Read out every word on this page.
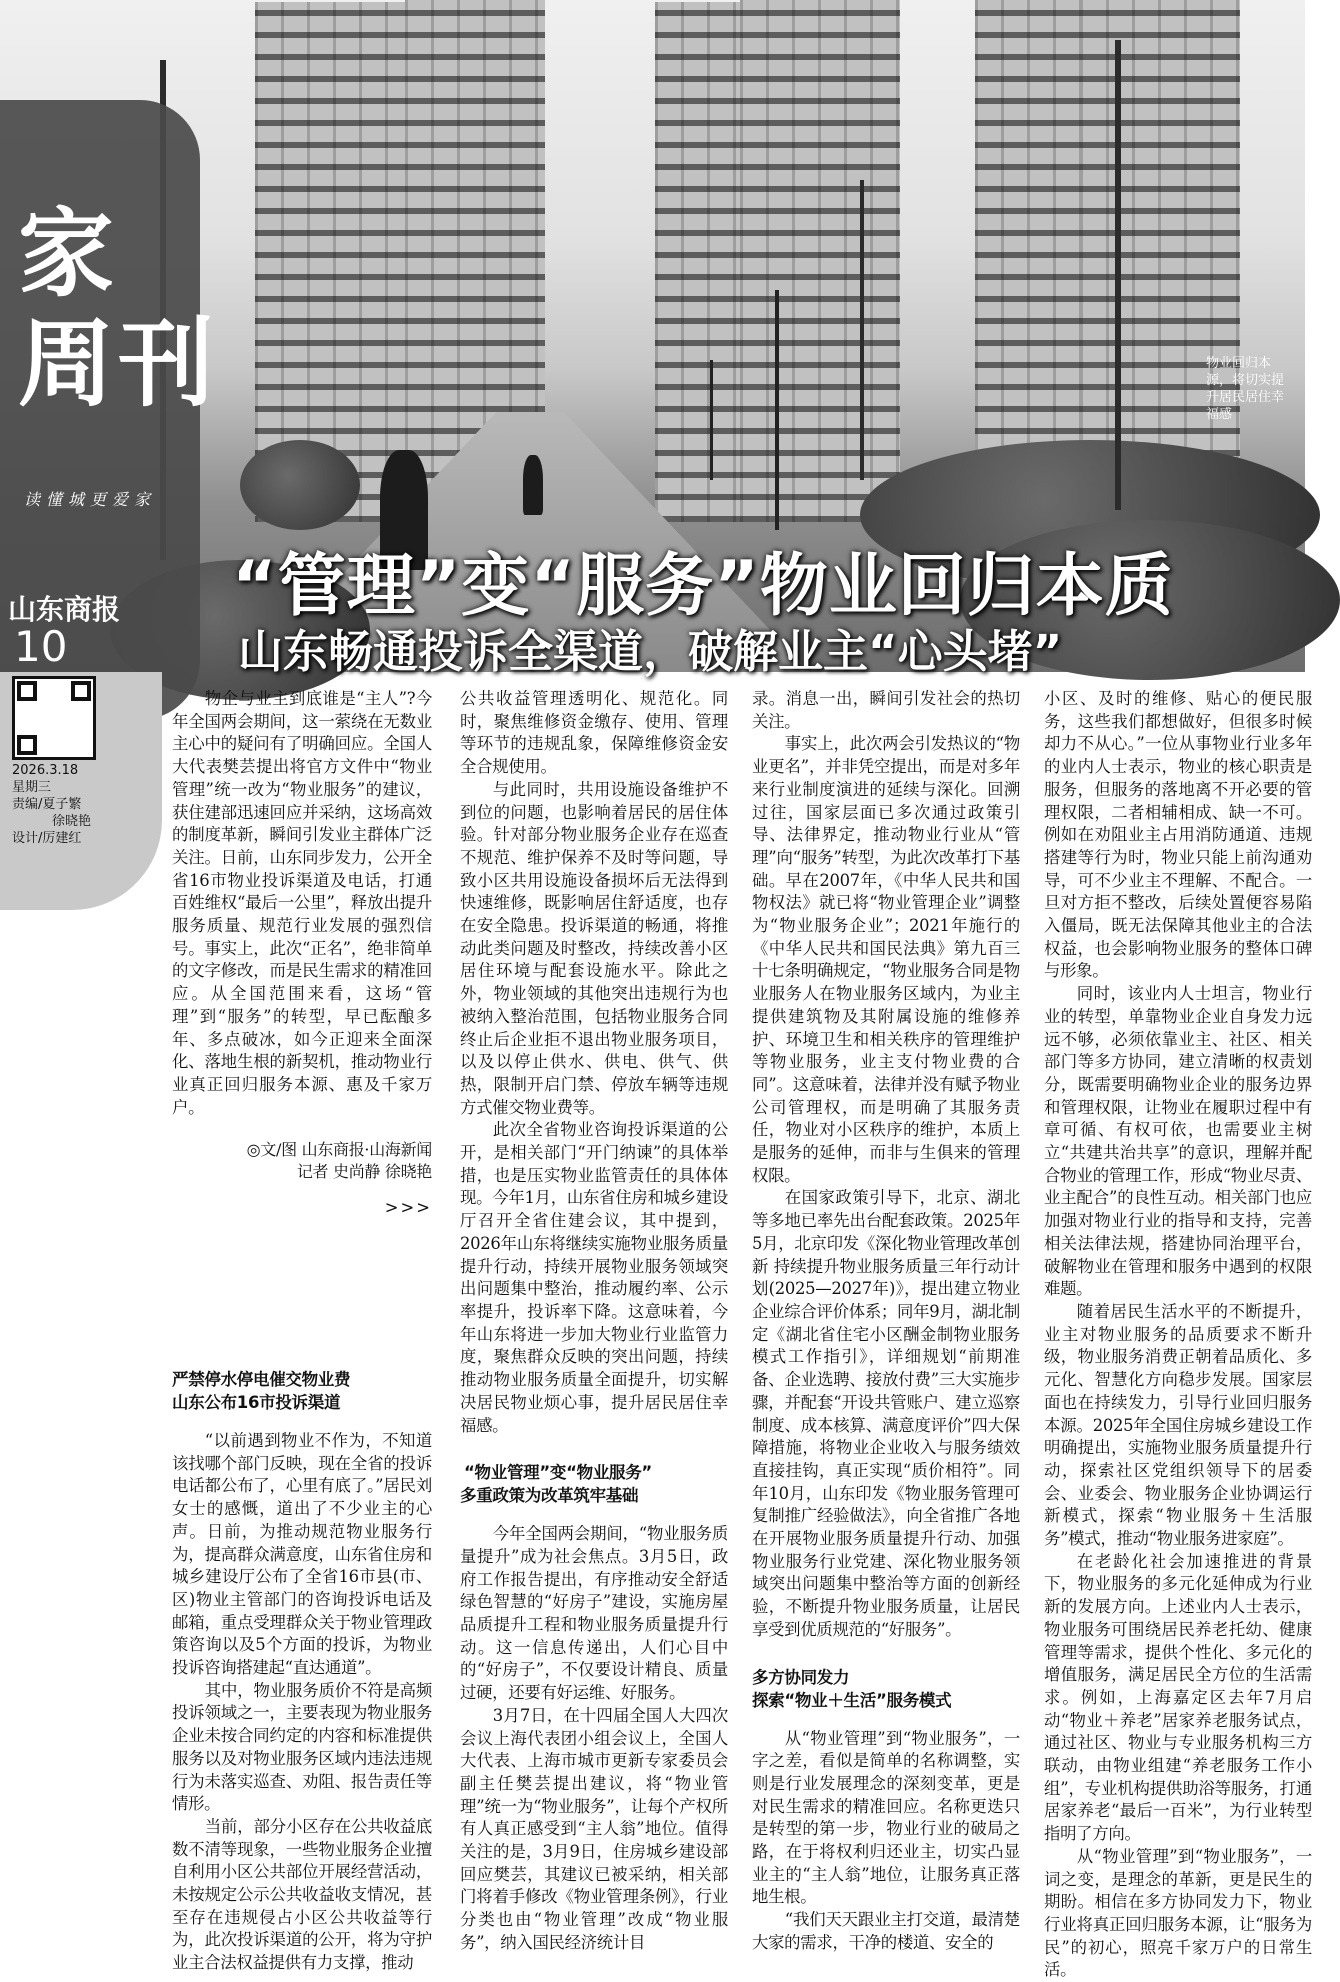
家
周刊
读懂城更爱家
山东商报
10
物业回归本源，将切实提升居民居住幸福感
“管理”变“服务”物业回归本质
山东畅通投诉全渠道，破解业主“心头堵”
2026.3.18
星期三
责编/夏子繁
徐晓艳
设计/厉建红

物企与业主到底谁是“主人”?今年全国两会期间，这一萦绕在无数业主心中的疑问有了明确回应。全国人大代表樊芸提出将官方文件中“物业管理”统一改为“物业服务”的建议，获住建部迅速回应并采纳，这场高效的制度革新，瞬间引发业主群体广泛关注。日前，山东同步发力，公开全省16市物业投诉渠道及电话，打通百姓维权“最后一公里”，释放出提升服务质量、规范行业发展的强烈信号。事实上，此次“正名”，绝非简单的文字修改，而是民生需求的精准回应。从全国范围来看，这场“管理”到“服务”的转型，早已酝酿多年、多点破冰，如今正迎来全面深化、落地生根的新契机，推动物业行业真正回归服务本源、惠及千家万户。

◎文/图 山东商报·山海新闻

记者 史尚静 徐晓艳

>>>

严禁停水停电催交物业费
山东公布16市投诉渠道

“以前遇到物业不作为，不知道该找哪个部门反映，现在全省的投诉电话都公布了，心里有底了。”居民刘女士的感慨，道出了不少业主的心声。日前，为推动规范物业服务行为，提高群众满意度，山东省住房和城乡建设厅公布了全省16市县(市、区)物业主管部门的咨询投诉电话及邮箱，重点受理群众关于物业管理政策咨询以及5个方面的投诉，为物业投诉咨询搭建起“直达通道”。

其中，物业服务质价不符是高频投诉领域之一，主要表现为物业服务企业未按合同约定的内容和标准提供服务以及对物业服务区域内违法违规行为未落实巡查、劝阻、报告责任等情形。

当前，部分小区存在公共收益底数不清等现象，一些物业服务企业擅自利用小区公共部位开展经营活动，未按规定公示公共收益收支情况，甚至存在违规侵占小区公共收益等行为，此次投诉渠道的公开，将为守护业主合法权益提供有力支撑，推动

公共收益管理透明化、规范化。同时，聚焦维修资金缴存、使用、管理等环节的违规乱象，保障维修资金安全合规使用。

与此同时，共用设施设备维护不到位的问题，也影响着居民的居住体验。针对部分物业服务企业存在巡查不规范、维护保养不及时等问题，导致小区共用设施设备损坏后无法得到快速维修，既影响居住舒适度，也存在安全隐患。投诉渠道的畅通，将推动此类问题及时整改，持续改善小区居住环境与配套设施水平。除此之外，物业领域的其他突出违规行为也被纳入整治范围，包括物业服务合同终止后企业拒不退出物业服务项目，以及以停止供水、供电、供气、供热，限制开启门禁、停放车辆等违规方式催交物业费等。

此次全省物业咨询投诉渠道的公开，是相关部门“开门纳谏”的具体举措，也是压实物业监管责任的具体体现。今年1月，山东省住房和城乡建设厅召开全省住建会议，其中提到，2026年山东将继续实施物业服务质量提升行动，持续开展物业服务领域突出问题集中整治，推动履约率、公示率提升，投诉率下降。这意味着，今年山东将进一步加大物业行业监管力度，聚焦群众反映的突出问题，持续推动物业服务质量全面提升，切实解决居民物业烦心事，提升居民居住幸福感。

“物业管理”变“物业服务”
多重政策为改革筑牢基础

今年全国两会期间，“物业服务质量提升”成为社会焦点。3月5日，政府工作报告提出，有序推动安全舒适绿色智慧的“好房子”建设，实施房屋品质提升工程和物业服务质量提升行动。这一信息传递出，人们心目中的“好房子”，不仅要设计精良、质量过硬，还要有好运维、好服务。

3月7日，在十四届全国人大四次会议上海代表团小组会议上，全国人大代表、上海市城市更新专家委员会副主任樊芸提出建议，将“物业管理”统一为“物业服务”，让每个产权所有人真正感受到“主人翁”地位。值得关注的是，3月9日，住房城乡建设部回应樊芸，其建议已被采纳，相关部门将着手修改《物业管理条例》，行业分类也由“物业管理”改成“物业服务”，纳入国民经济统计目

录。消息一出，瞬间引发社会的热切关注。

事实上，此次两会引发热议的“物业更名”，并非凭空提出，而是对多年来行业制度演进的延续与深化。回溯过往，国家层面已多次通过政策引导、法律界定，推动物业行业从“管理”向“服务”转型，为此次改革打下基础。早在2007年，《中华人民共和国物权法》就已将“物业管理企业”调整为“物业服务企业”；2021年施行的《中华人民共和国民法典》第九百三十七条明确规定，“物业服务合同是物业服务人在物业服务区域内，为业主提供建筑物及其附属设施的维修养护、环境卫生和相关秩序的管理维护等物业服务，业主支付物业费的合同”。这意味着，法律并没有赋予物业公司管理权，而是明确了其服务责任，物业对小区秩序的维护，本质上是服务的延伸，而非与生俱来的管理权限。

在国家政策引导下，北京、湖北等多地已率先出台配套政策。2025年5月，北京印发《深化物业管理改革创新 持续提升物业服务质量三年行动计划(2025—2027年)》，提出建立物业企业综合评价体系；同年9月，湖北制定《湖北省住宅小区酬金制物业服务模式工作指引》，详细规划“前期准备、企业选聘、接放付费”三大实施步骤，并配套“开设共管账户、建立巡察制度、成本核算、满意度评价”四大保障措施，将物业企业收入与服务绩效直接挂钩，真正实现“质价相符”。同年10月，山东印发《物业服务管理可复制推广经验做法》，向全省推广各地在开展物业服务质量提升行动、加强物业服务行业党建、深化物业服务领域突出问题集中整治等方面的创新经验，不断提升物业服务质量，让居民享受到优质规范的“好服务”。

多方协同发力
探索“物业＋生活”服务模式

从“物业管理”到“物业服务”，一字之差，看似是简单的名称调整，实则是行业发展理念的深刻变革，更是对民生需求的精准回应。名称更迭只是转型的第一步，物业行业的破局之路，在于将权利归还业主，切实凸显业主的“主人翁”地位，让服务真正落地生根。

“我们天天跟业主打交道，最清楚大家的需求，干净的楼道、安全的

小区、及时的维修、贴心的便民服务，这些我们都想做好，但很多时候却力不从心。”一位从事物业行业多年的业内人士表示，物业的核心职责是服务，但服务的落地离不开必要的管理权限，二者相辅相成、缺一不可。例如在劝阻业主占用消防通道、违规搭建等行为时，物业只能上前沟通劝导，可不少业主不理解、不配合。一旦对方拒不整改，后续处置便容易陷入僵局，既无法保障其他业主的合法权益，也会影响物业服务的整体口碑与形象。

同时，该业内人士坦言，物业行业的转型，单靠物业企业自身发力远远不够，必须依靠业主、社区、相关部门等多方协同，建立清晰的权责划分，既需要明确物业企业的服务边界和管理权限，让物业在履职过程中有章可循、有权可依，也需要业主树立“共建共治共享”的意识，理解并配合物业的管理工作，形成“物业尽责、业主配合”的良性互动。相关部门也应加强对物业行业的指导和支持，完善相关法律法规，搭建协同治理平台，破解物业在管理和服务中遇到的权限难题。

随着居民生活水平的不断提升，业主对物业服务的品质要求不断升级，物业服务消费正朝着品质化、多元化、智慧化方向稳步发展。国家层面也在持续发力，引导行业回归服务本源。2025年全国住房城乡建设工作明确提出，实施物业服务质量提升行动，探索社区党组织领导下的居委会、业委会、物业服务企业协调运行新模式，探索“物业服务＋生活服务”模式，推动“物业服务进家庭”。

在老龄化社会加速推进的背景下，物业服务的多元化延伸成为行业新的发展方向。上述业内人士表示，物业服务可围绕居民养老托幼、健康管理等需求，提供个性化、多元化的增值服务，满足居民全方位的生活需求。例如，上海嘉定区去年7月启动“物业＋养老”居家养老服务试点，通过社区、物业与专业服务机构三方联动，由物业组建“养老服务工作小组”，专业机构提供助浴等服务，打通居家养老“最后一百米”，为行业转型指明了方向。

从“物业管理”到“物业服务”，一词之变，是理念的革新，更是民生的期盼。相信在多方协同发力下，物业行业将真正回归服务本源，让“服务为民”的初心，照亮千家万户的日常生活。
